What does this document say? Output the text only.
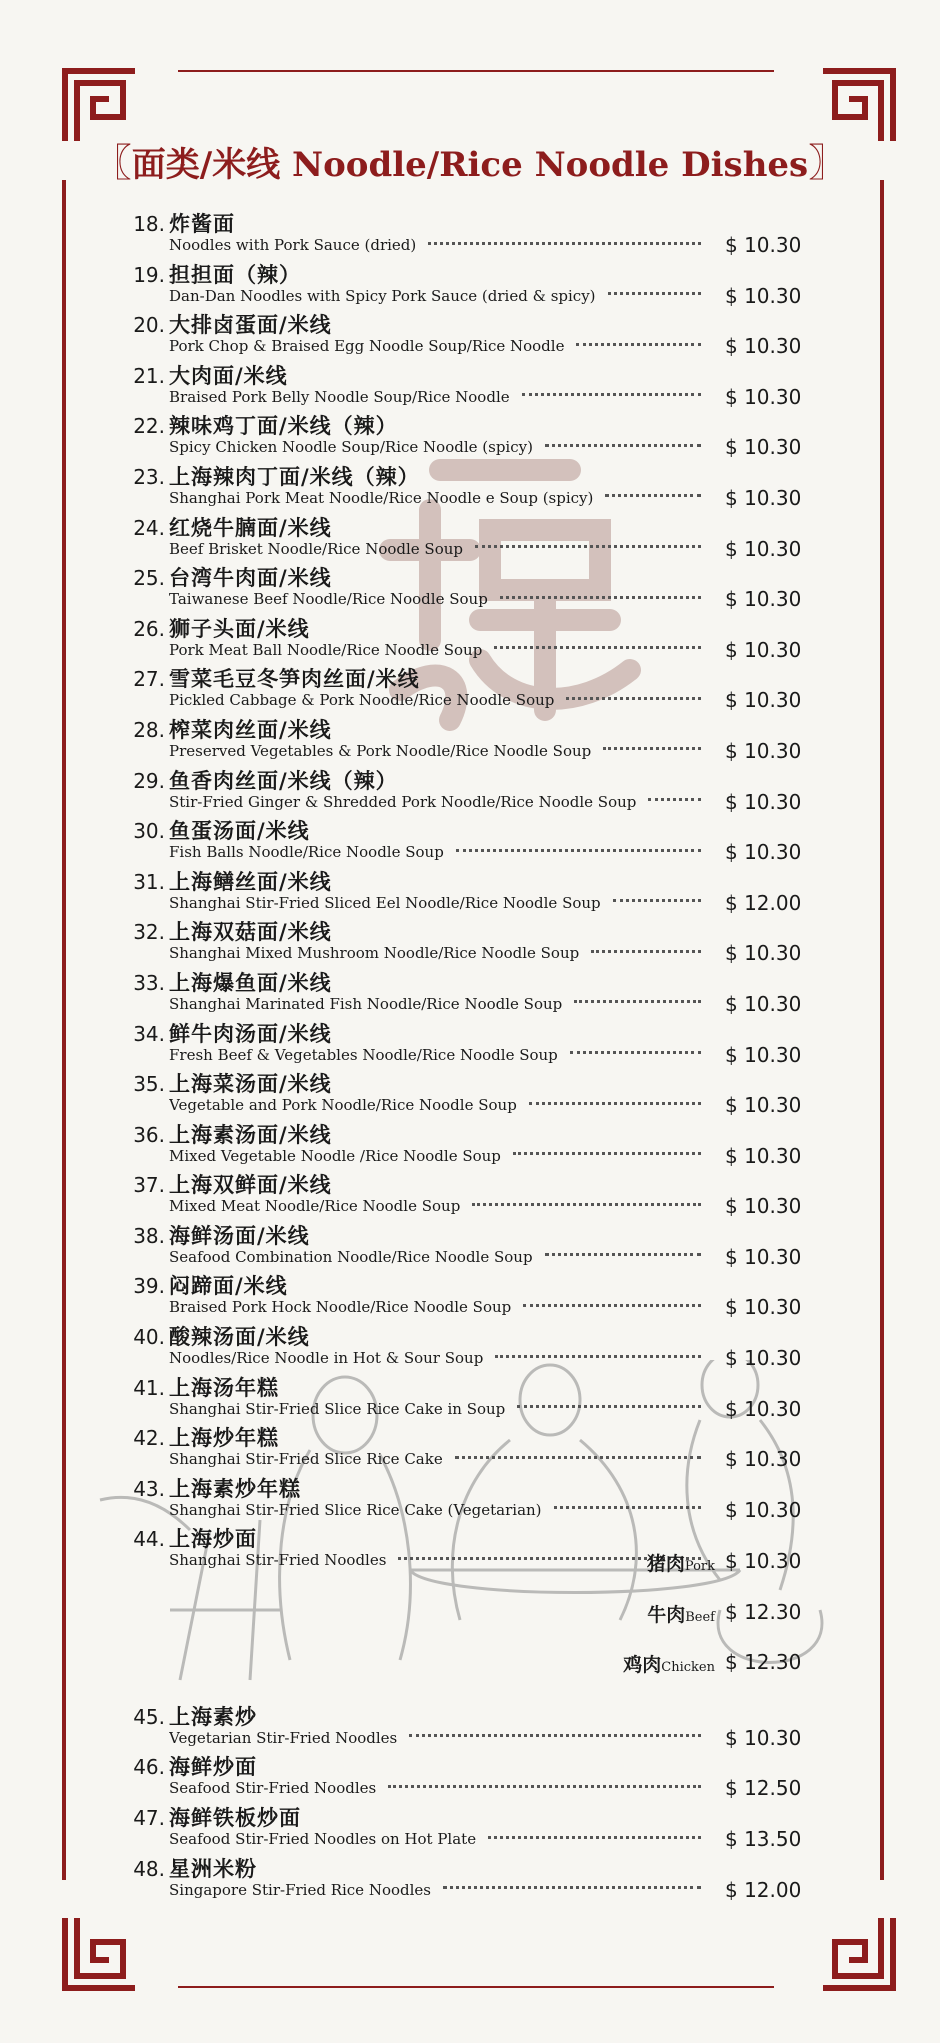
〖面类/米线 Noodle/Rice Noodle Dishes〗
18. 炸酱面
Noodles with Pork Sauce (dried)	$ 10.30
19. 担担面（辣）
Dan-Dan Noodles with Spicy Pork Sauce (dried & spicy)	$ 10.30
20. 大排卤蛋面/米线
Pork Chop & Braised Egg Noodle Soup/Rice Noodle	$ 10.30
21. 大肉面/米线
Braised Pork Belly Noodle Soup/Rice Noodle	$ 10.30
22. 辣味鸡丁面/米线（辣）
Spicy Chicken Noodle Soup/Rice Noodle (spicy)	$ 10.30
23. 上海辣肉丁面/米线（辣）
Shanghai Pork Meat Noodle/Rice Noodle e Soup (spicy)	$ 10.30
24. 红烧牛腩面/米线
Beef Brisket Noodle/Rice Noodle Soup	$ 10.30
25. 台湾牛肉面/米线
Taiwanese Beef Noodle/Rice Noodle Soup	$ 10.30
26. 狮子头面/米线
Pork Meat Ball Noodle/Rice Noodle Soup	$ 10.30
27. 雪菜毛豆冬笋肉丝面/米线
Pickled Cabbage & Pork Noodle/Rice Noodle Soup	$ 10.30
28. 榨菜肉丝面/米线
Preserved Vegetables & Pork Noodle/Rice Noodle Soup	$ 10.30
29. 鱼香肉丝面/米线（辣）
Stir-Fried Ginger & Shredded Pork Noodle/Rice Noodle Soup	$ 10.30
30. 鱼蛋汤面/米线
Fish Balls Noodle/Rice Noodle Soup	$ 10.30
31. 上海鳝丝面/米线
Shanghai Stir-Fried Sliced Eel Noodle/Rice Noodle Soup	$ 12.00
32. 上海双菇面/米线
Shanghai Mixed Mushroom Noodle/Rice Noodle Soup	$ 10.30
33. 上海爆鱼面/米线
Shanghai Marinated Fish Noodle/Rice Noodle Soup	$ 10.30
34. 鲜牛肉汤面/米线
Fresh Beef & Vegetables Noodle/Rice Noodle Soup	$ 10.30
35. 上海菜汤面/米线
Vegetable and Pork Noodle/Rice Noodle Soup	$ 10.30
36. 上海素汤面/米线
Mixed Vegetable Noodle /Rice Noodle Soup	$ 10.30
37. 上海双鲜面/米线
Mixed Meat Noodle/Rice Noodle Soup	$ 10.30
38. 海鲜汤面/米线
Seafood Combination Noodle/Rice Noodle Soup	$ 10.30
39. 闷蹄面/米线
Braised Pork Hock Noodle/Rice Noodle Soup	$ 10.30
40. 酸辣汤面/米线
Noodles/Rice Noodle in Hot & Sour Soup	$ 10.30
41. 上海汤年糕
Shanghai Stir-Fried Slice Rice Cake in Soup	$ 10.30
42. 上海炒年糕
Shanghai Stir-Fried Slice Rice Cake	$ 10.30
43. 上海素炒年糕
Shanghai Stir-Fried Slice Rice Cake (Vegetarian)	$ 10.30
44. 上海炒面
Shanghai Stir-Fried Noodles	猪肉Pork $ 10.30
牛肉Beef $ 12.30
鸡肉Chicken $ 12.30
45. 上海素炒
Vegetarian Stir-Fried Noodles	$ 10.30
46. 海鲜炒面
Seafood Stir-Fried Noodles	$ 12.50
47. 海鲜铁板炒面
Seafood Stir-Fried Noodles on Hot Plate	$ 13.50
48. 星洲米粉
Singapore Stir-Fried Rice Noodles	$ 12.00
